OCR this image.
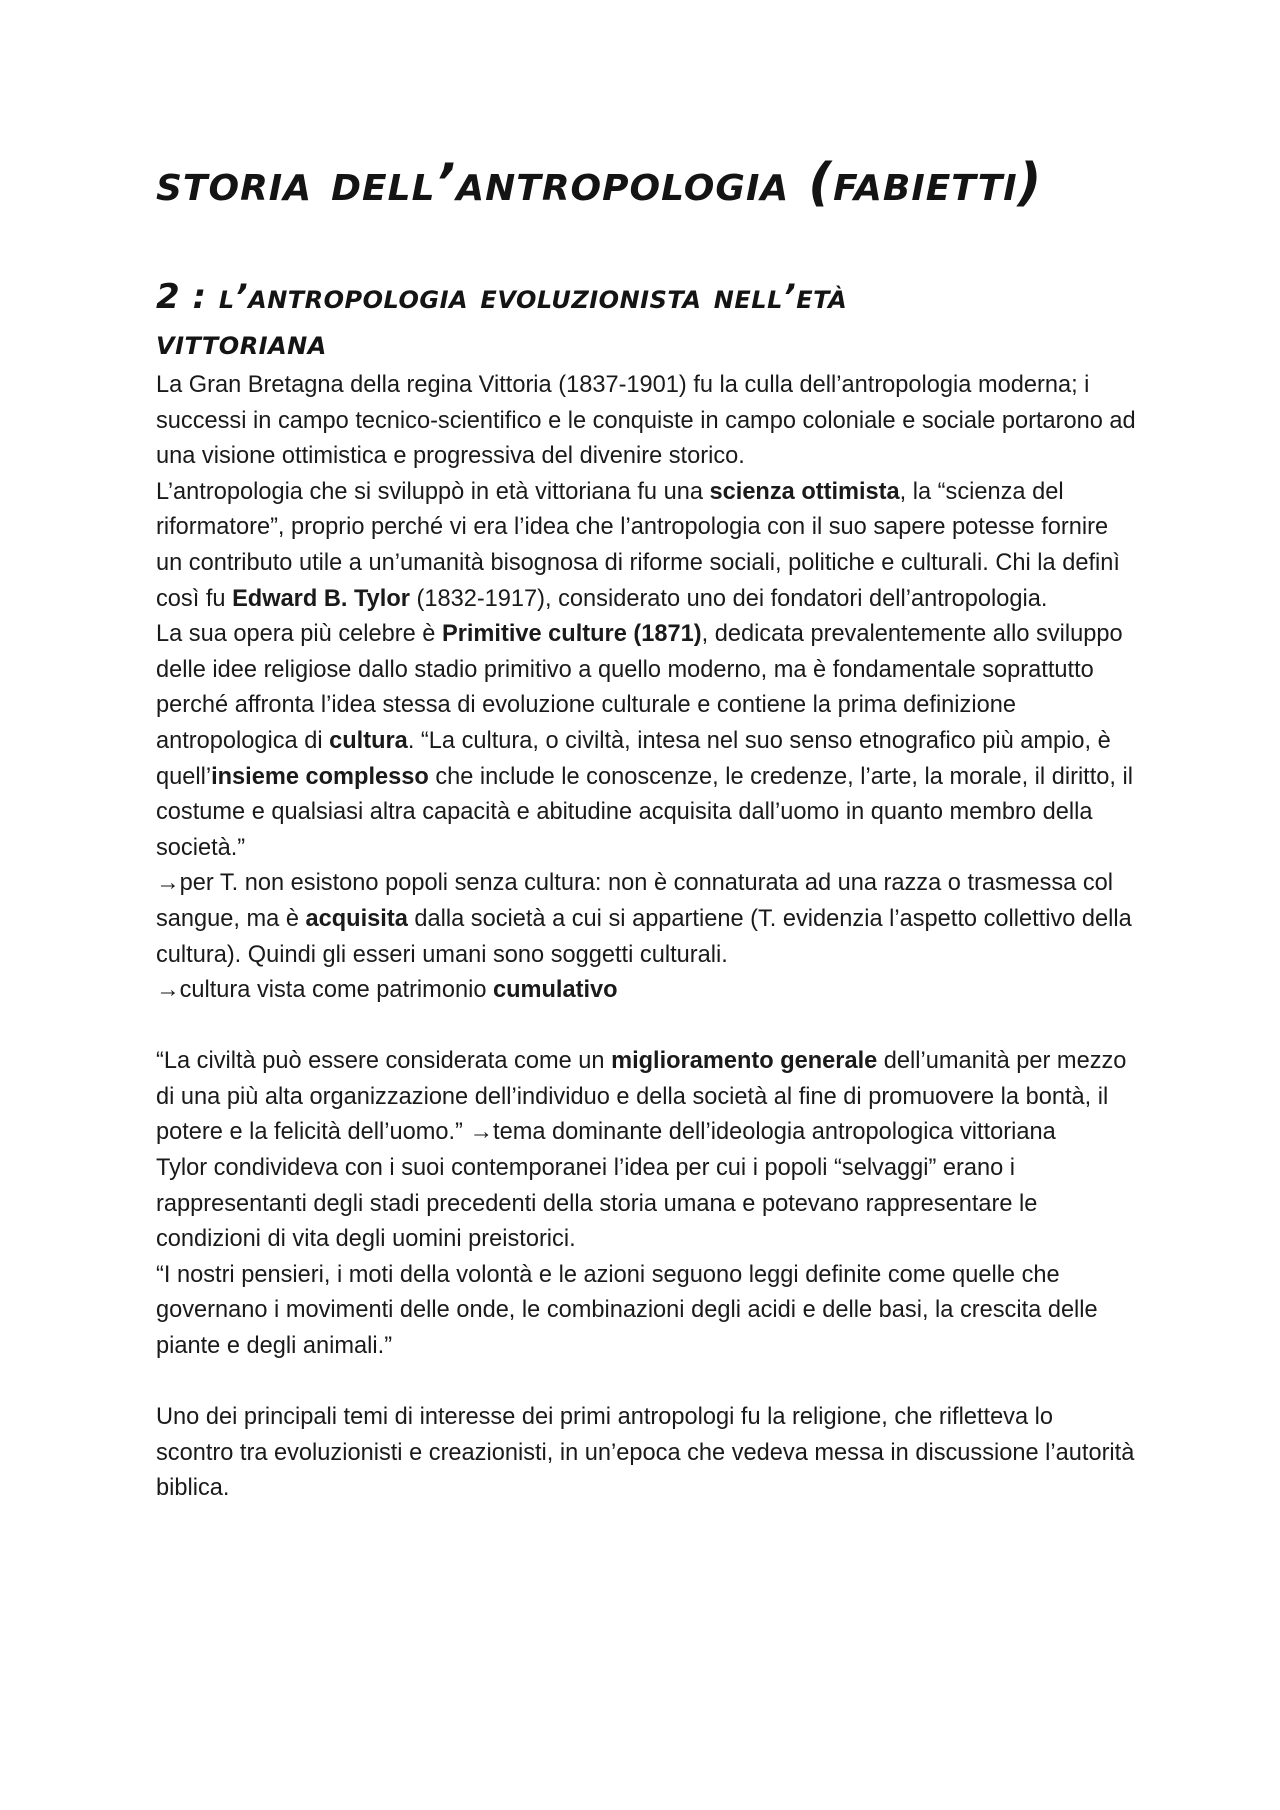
storia dell’antropologia (fabietti)
2 : l’antropologia evoluzionista nell’età vittoriana

La Gran Bretagna della regina Vittoria (1837-1901) fu la culla dell’antropologia moderna; i successi in campo tecnico-scientifico e le conquiste in campo coloniale e sociale portarono ad una visione ottimistica e progressiva del divenire storico.

L’antropologia che si sviluppò in età vittoriana fu una scienza ottimista, la “scienza del riformatore”, proprio perché vi era l’idea che l’antropologia con il suo sapere potesse fornire un contributo utile a un’umanità bisognosa di riforme sociali, politiche e culturali. Chi la definì così fu Edward B. Tylor (1832-1917), considerato uno dei fondatori dell’antropologia.

La sua opera più celebre è Primitive culture (1871), dedicata prevalentemente allo sviluppo delle idee religiose dallo stadio primitivo a quello moderno, ma è fondamentale soprattutto perché affronta l’idea stessa di evoluzione culturale e contiene la prima definizione antropologica di cultura. “La cultura, o civiltà, intesa nel suo senso etnografico più ampio, è quell’insieme complesso che include le conoscenze, le credenze, l’arte, la morale, il diritto, il costume e qualsiasi altra capacità e abitudine acquisita dall’uomo in quanto membro della società.”

→per T. non esistono popoli senza cultura: non è connaturata ad una razza o trasmessa col sangue, ma è acquisita dalla società a cui si appartiene (T. evidenzia l’aspetto collettivo della cultura). Quindi gli esseri umani sono soggetti culturali.

→cultura vista come patrimonio cumulativo

“La civiltà può essere considerata come un miglioramento generale dell’umanità per mezzo di una più alta organizzazione dell’individuo e della società al fine di promuovere la bontà, il potere e la felicità dell’uomo.” →tema dominante dell’ideologia antropologica vittoriana

Tylor condivideva con i suoi contemporanei l’idea per cui i popoli “selvaggi” erano i rappresentanti degli stadi precedenti della storia umana e potevano rappresentare le condizioni di vita degli uomini preistorici.

“I nostri pensieri, i moti della volontà e le azioni seguono leggi definite come quelle che governano i movimenti delle onde, le combinazioni degli acidi e delle basi, la crescita delle piante e degli animali.”

Uno dei principali temi di interesse dei primi antropologi fu la religione, che rifletteva lo scontro tra evoluzionisti e creazionisti, in un’epoca che vedeva messa in discussione l’autorità biblica.
